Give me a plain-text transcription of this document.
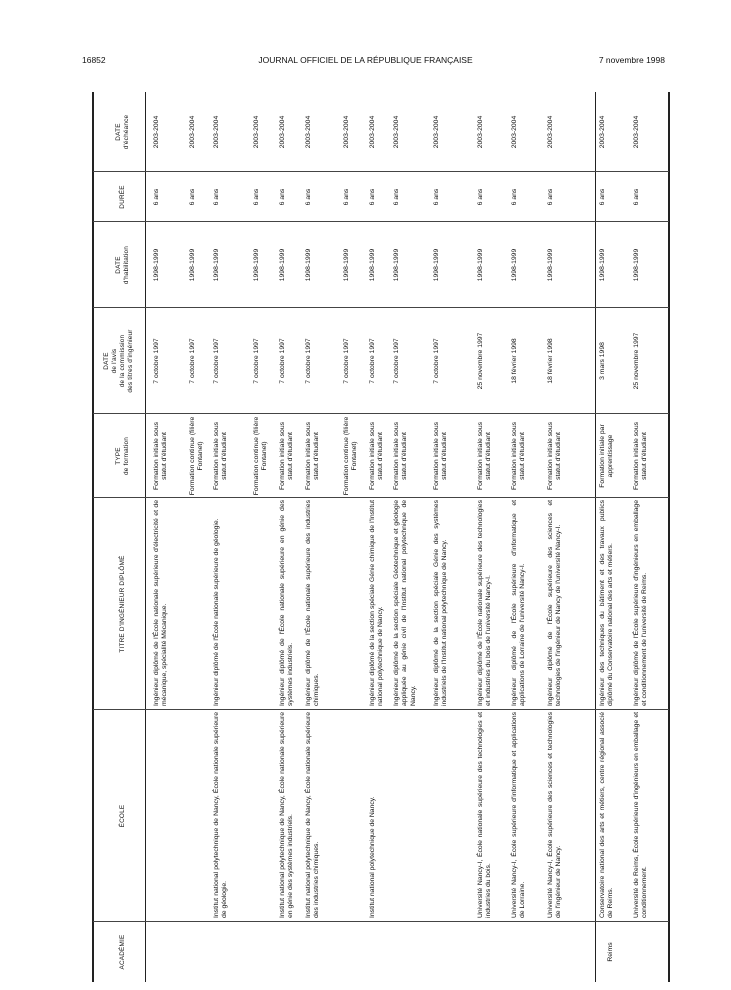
16852	JOURNAL OFFICIEL DE LA RÉPUBLIQUE FRANÇAISE	7 novembre 1998
ACADÉMIE
ÉCOLE
TITRE D'INGÉNIEUR DIPLÔMÉ
TYPE de formation
DATE de l'avis de la commission des titres d'ingénieur
DATE d'habilitation
DURÉE
DATE d'échéance
Reims
Ingénieur diplômé de l'École nationale supérieure d'électricité et de mécanique, spécialité Mécanique.
Formation initiale sous statut d'étudiant
7 octobre 1997
1998-1999
6 ans
2003-2004
Formation continue (filière Fontanet)
7 octobre 1997
1998-1999
6 ans
2003-2004
Institut national polytechnique de Nancy, École nationale supérieure de géologie.
Ingénieur diplômé de l'École nationale supérieure de géologie.
Formation initiale sous statut d'étudiant
7 octobre 1997
1998-1999
6 ans
2003-2004
Formation continue (filière Fontanet)
7 octobre 1997
1998-1999
6 ans
2003-2004
Institut national polytechnique de Nancy, École nationale supérieure en génie des systèmes industriels.
Ingénieur diplômé de l'École nationale supérieure en génie des systèmes industriels.
Formation initiale sous statut d'étudiant
7 octobre 1997
1998-1999
6 ans
2003-2004
Institut national polytechnique de Nancy, École nationale supérieure des industries chimiques.
Ingénieur diplômé de l'École nationale supérieure des industries chimiques.
Formation initiale sous statut d'étudiant
7 octobre 1997
1998-1999
6 ans
2003-2004
Formation continue (filière Fontanet)
7 octobre 1997
1998-1999
6 ans
2003-2004
Institut national polytechnique de Nancy.
Ingénieur diplômé de la section spéciale Génie chimique de l'Institut national polytechnique de Nancy.
Formation initiale sous statut d'étudiant
7 octobre 1997
1998-1999
6 ans
2003-2004
Ingénieur diplômé de la section spéciale Géotechnique et géologie appliquée au génie civil de l'Institut national polytechnique de Nancy.
Formation initiale sous statut d'étudiant
7 octobre 1997
1998-1999
6 ans
2003-2004
Ingénieur diplômé de la section spéciale Génie des systèmes industriels de l'Institut national polytechnique de Nancy.
Formation initiale sous statut d'étudiant
7 octobre 1997
1998-1999
6 ans
2003-2004
Université Nancy-I, École nationale supérieure des technologies et industries du bois.
Ingénieur diplômé de l'École nationale supérieure des technologies et industries du bois de l'université Nancy-I.
Formation initiale sous statut d'étudiant
25 novembre 1997
1998-1999
6 ans
2003-2004
Université Nancy-I, École supérieure d'informatique et applications de Lorraine.
Ingénieur diplômé de l'École supérieure d'informatique et applications de Lorraine de l'université Nancy-I.
Formation initiale sous statut d'étudiant
18 février 1998
1998-1999
6 ans
2003-2004
Université Nancy-I, École supérieure des sciences et technologies de l'ingénieur de Nancy.
Ingénieur diplômé de l'École supérieure des sciences et technologies de l'ingénieur de Nancy de l'université Nancy-I.
Formation initiale sous statut d'étudiant
18 février 1998
1998-1999
6 ans
2003-2004
Conservatoire national des arts et métiers, centre régional associé de Reims.
Ingénieur des techniques du bâtiment et des travaux publics diplômé du Conservatoire national des arts et métiers.
Formation initiale par apprentissage
3 mars 1998
1998-1999
6 ans
2003-2004
Université de Reims, École supérieure d'ingénieurs en emballage et conditionnement.
Ingénieur diplômé de l'École supérieure d'ingénieurs en emballage et conditionnement de l'université de Reims.
Formation initiale sous statut d'étudiant
25 novembre 1997
1998-1999
6 ans
2003-2004
